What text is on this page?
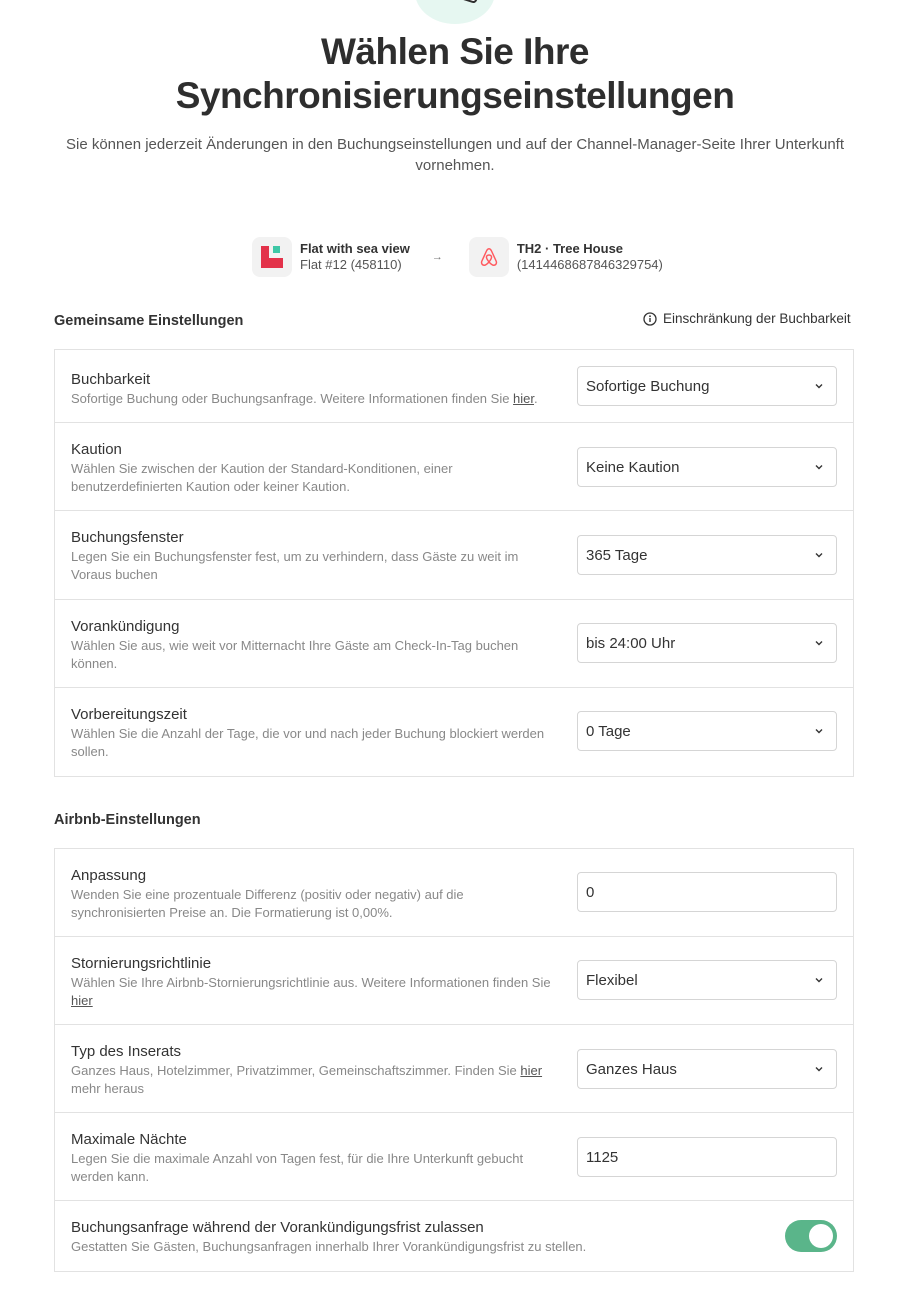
Wählen Sie Ihre
Synchronisierungseinstellungen

Sie können jederzeit Änderungen in den Buchungseinstellungen und auf der Channel-Manager-Seite Ihrer Unterkunft vornehmen.

Flat with sea view
Flat #12 (458110)	→
TH2 · Tree House
(1414468687846329754)
Gemeinsame Einstellungen	Einschränkung der Buchbarkeit
Buchbarkeit
Sofortige Buchung oder Buchungsanfrage. Weitere Informationen finden Sie hier.
Sofortige Buchung
Kaution
Wählen Sie zwischen der Kaution der Standard-Konditionen, einer benutzerdefinierten Kaution oder keiner Kaution.
Keine Kaution
Buchungsfenster
Legen Sie ein Buchungsfenster fest, um zu verhindern, dass Gäste zu weit im Voraus buchen
365 Tage
Vorankündigung
Wählen Sie aus, wie weit vor Mitternacht Ihre Gäste am Check-In-Tag buchen können.
bis 24:00 Uhr
Vorbereitungszeit
Wählen Sie die Anzahl der Tage, die vor und nach jeder Buchung blockiert werden sollen.
0 Tage
Airbnb-Einstellungen
Anpassung
Wenden Sie eine prozentuale Differenz (positiv oder negativ) auf die synchronisierten Preise an. Die Formatierung ist 0,00%.
0
Stornierungsrichtlinie
Wählen Sie Ihre Airbnb-Stornierungsrichtlinie aus. Weitere Informationen finden Sie hier
Flexibel
Typ des Inserats
Ganzes Haus, Hotelzimmer, Privatzimmer, Gemeinschaftszimmer. Finden Sie hier mehr heraus
Ganzes Haus
Maximale Nächte
Legen Sie die maximale Anzahl von Tagen fest, für die Ihre Unterkunft gebucht werden kann.
1125
Buchungsanfrage während der Vorankündigungsfrist zulassen
Gestatten Sie Gästen, Buchungsanfragen innerhalb Ihrer Vorankündigungsfrist zu stellen.
